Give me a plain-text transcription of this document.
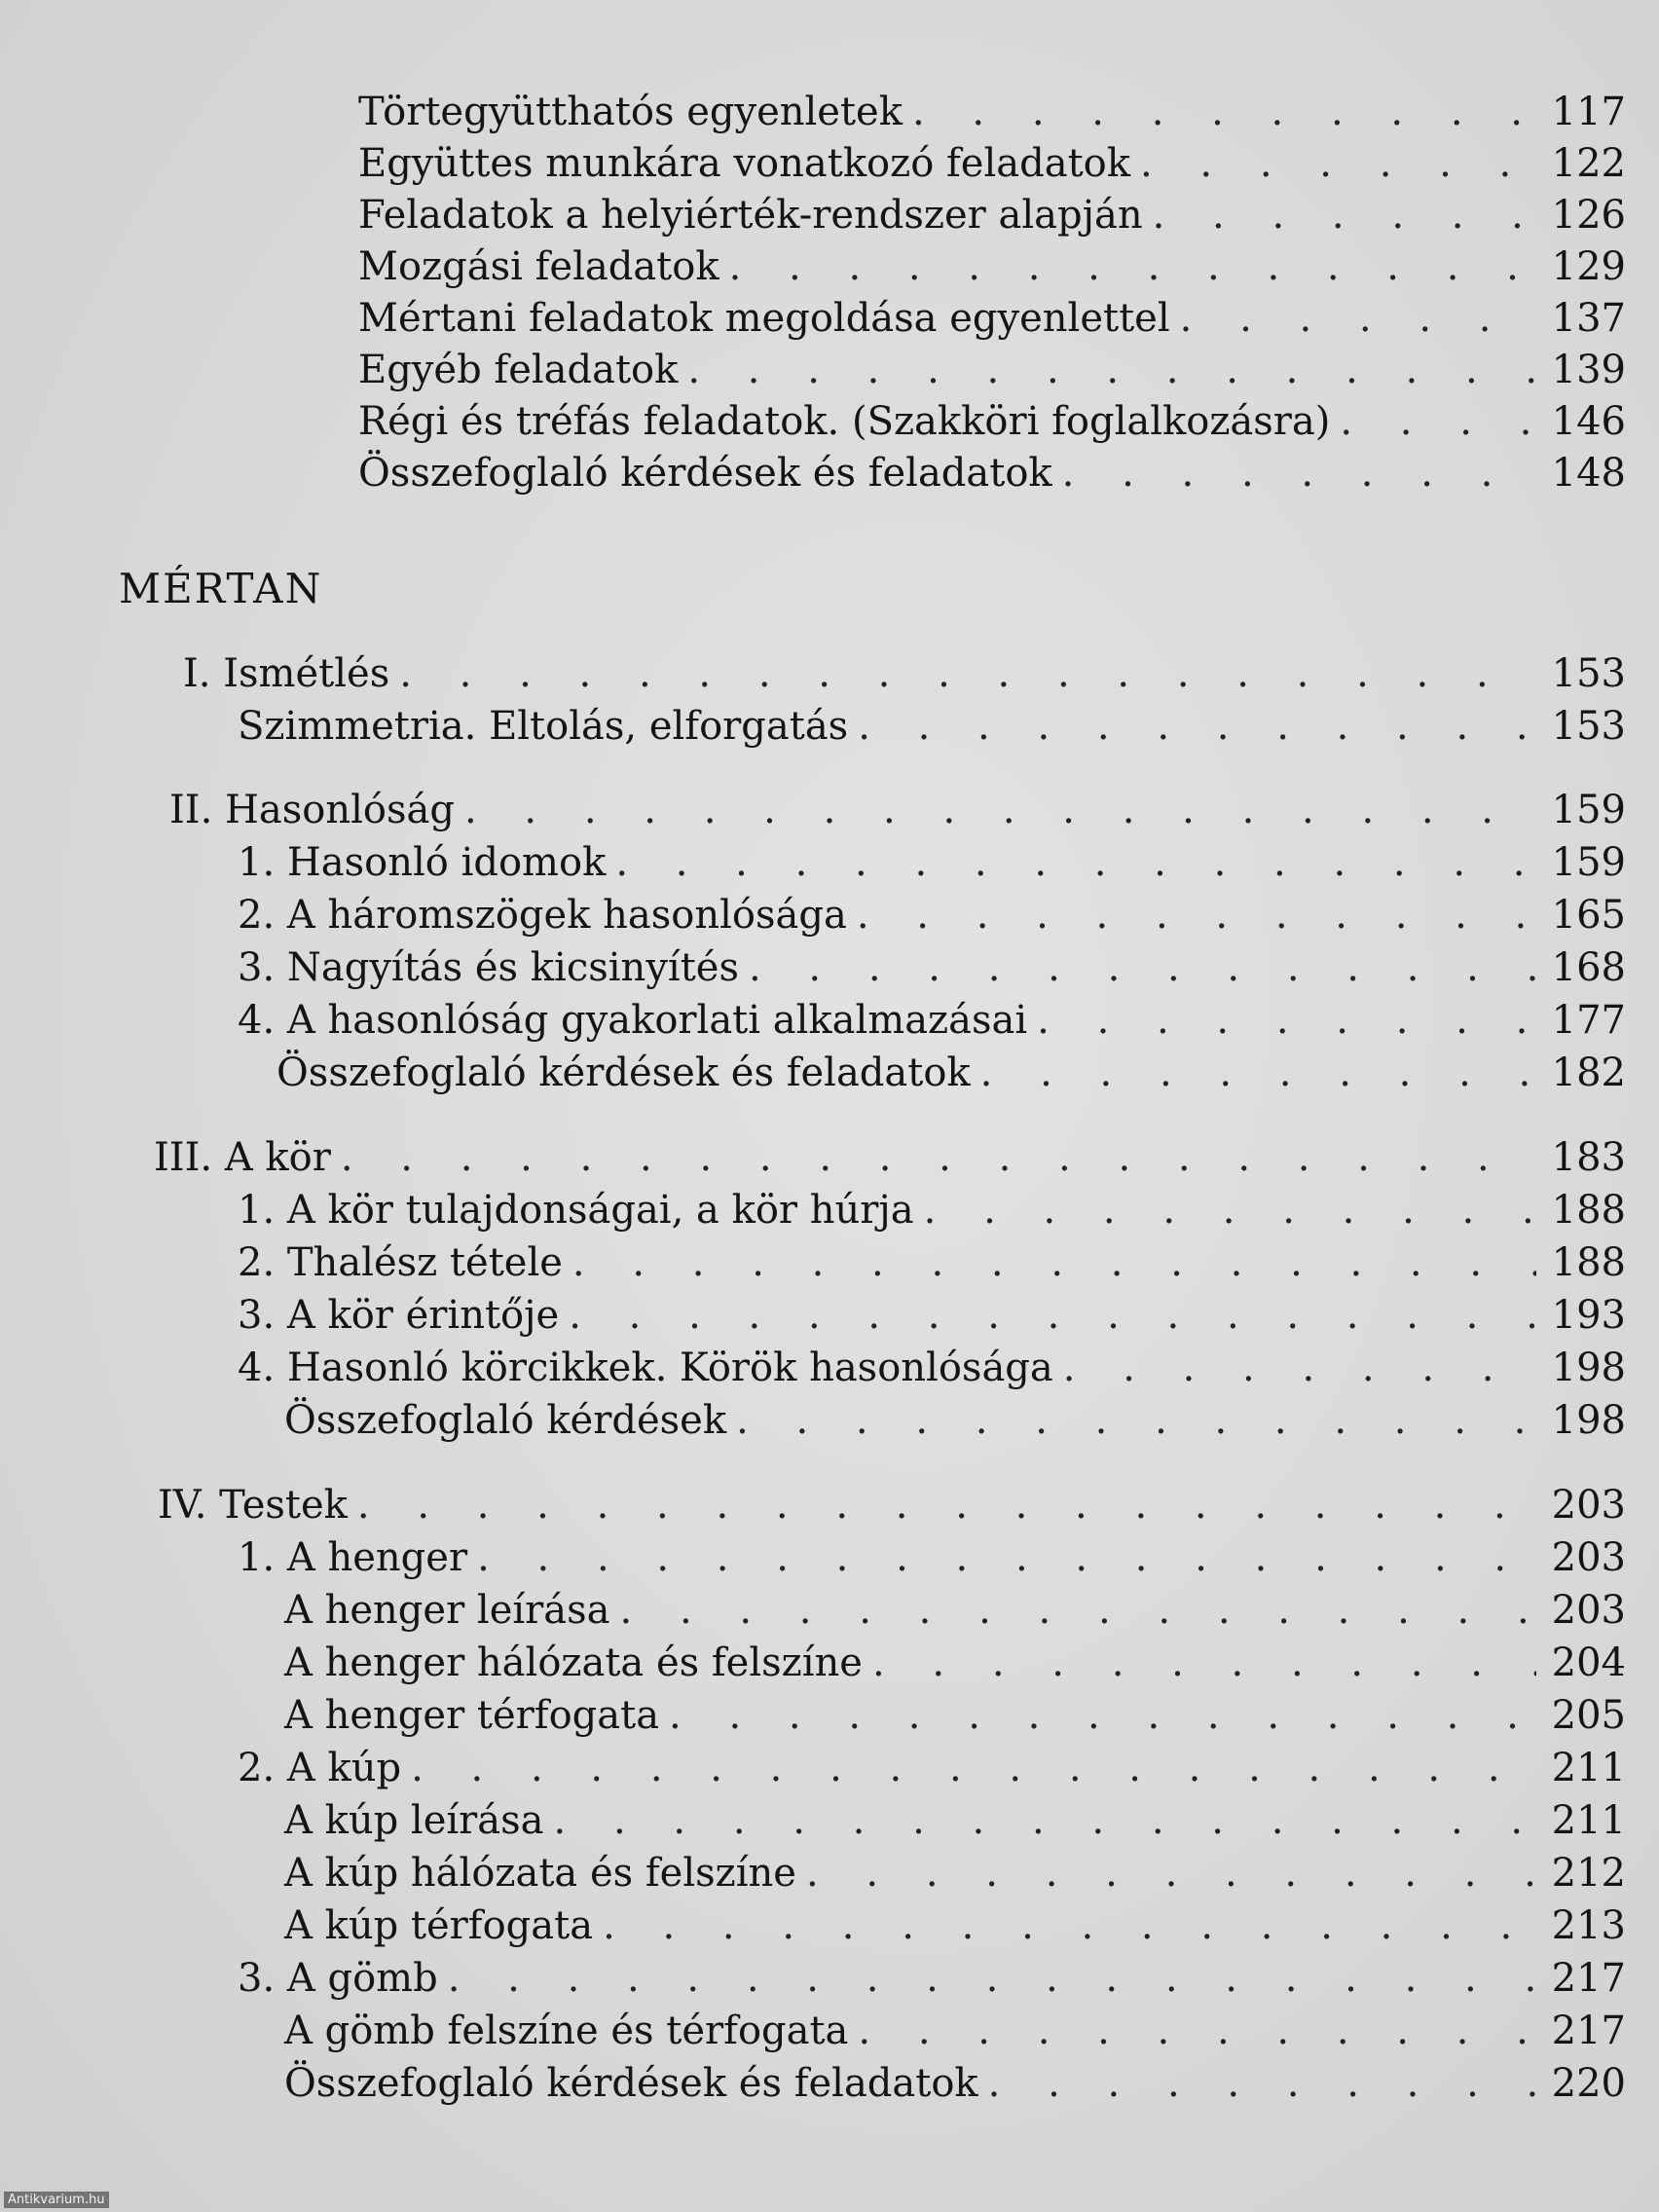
Törtegyütthatós egyenletek . . .	117
Együttes munkára vonatkozó feladatok . . .	122
Feladatok a helyiérték-rendszer alapján . . .	126
Mozgási feladatok . . .	129
Mértani feladatok megoldása egyenlettel . . .	137
Egyéb feladatok . . .	139
Régi és tréfás feladatok. (Szakköri foglalkozásra) . . .	146
Összefoglaló kérdések és feladatok . . .	148
MÉRTAN
I. Ismétlés . . .	153
Szimmetria. Eltolás, elforgatás . . .	153
II. Hasonlóság . . .	159
1. Hasonló idomok . . .	159
2. A háromszögek hasonlósága . . .	165
3. Nagyítás és kicsinyítés . . .	168
4. A hasonlóság gyakorlati alkalmazásai . . .	177
Összefoglaló kérdések és feladatok . . .	182
III. A kör . . .	183
1. A kör tulajdonságai, a kör húrja . . .	188
2. Thalész tétele . . .	188
3. A kör érintője . . .	193
4. Hasonló körcikkek. Körök hasonlósága . . .	198
Összefoglaló kérdések . . .	198
IV. Testek . . .	203
1. A henger . . .	203
A henger leírása . . .	203
A henger hálózata és felszíne . . .	204
A henger térfogata . . .	205
2. A kúp . . .	211
A kúp leírása . . .	211
A kúp hálózata és felszíne . . .	212
A kúp térfogata . . .	213
3. A gömb . . .	217
A gömb felszíne és térfogata . . .	217
Összefoglaló kérdések és feladatok . . .	220
Antikvarium.hu
